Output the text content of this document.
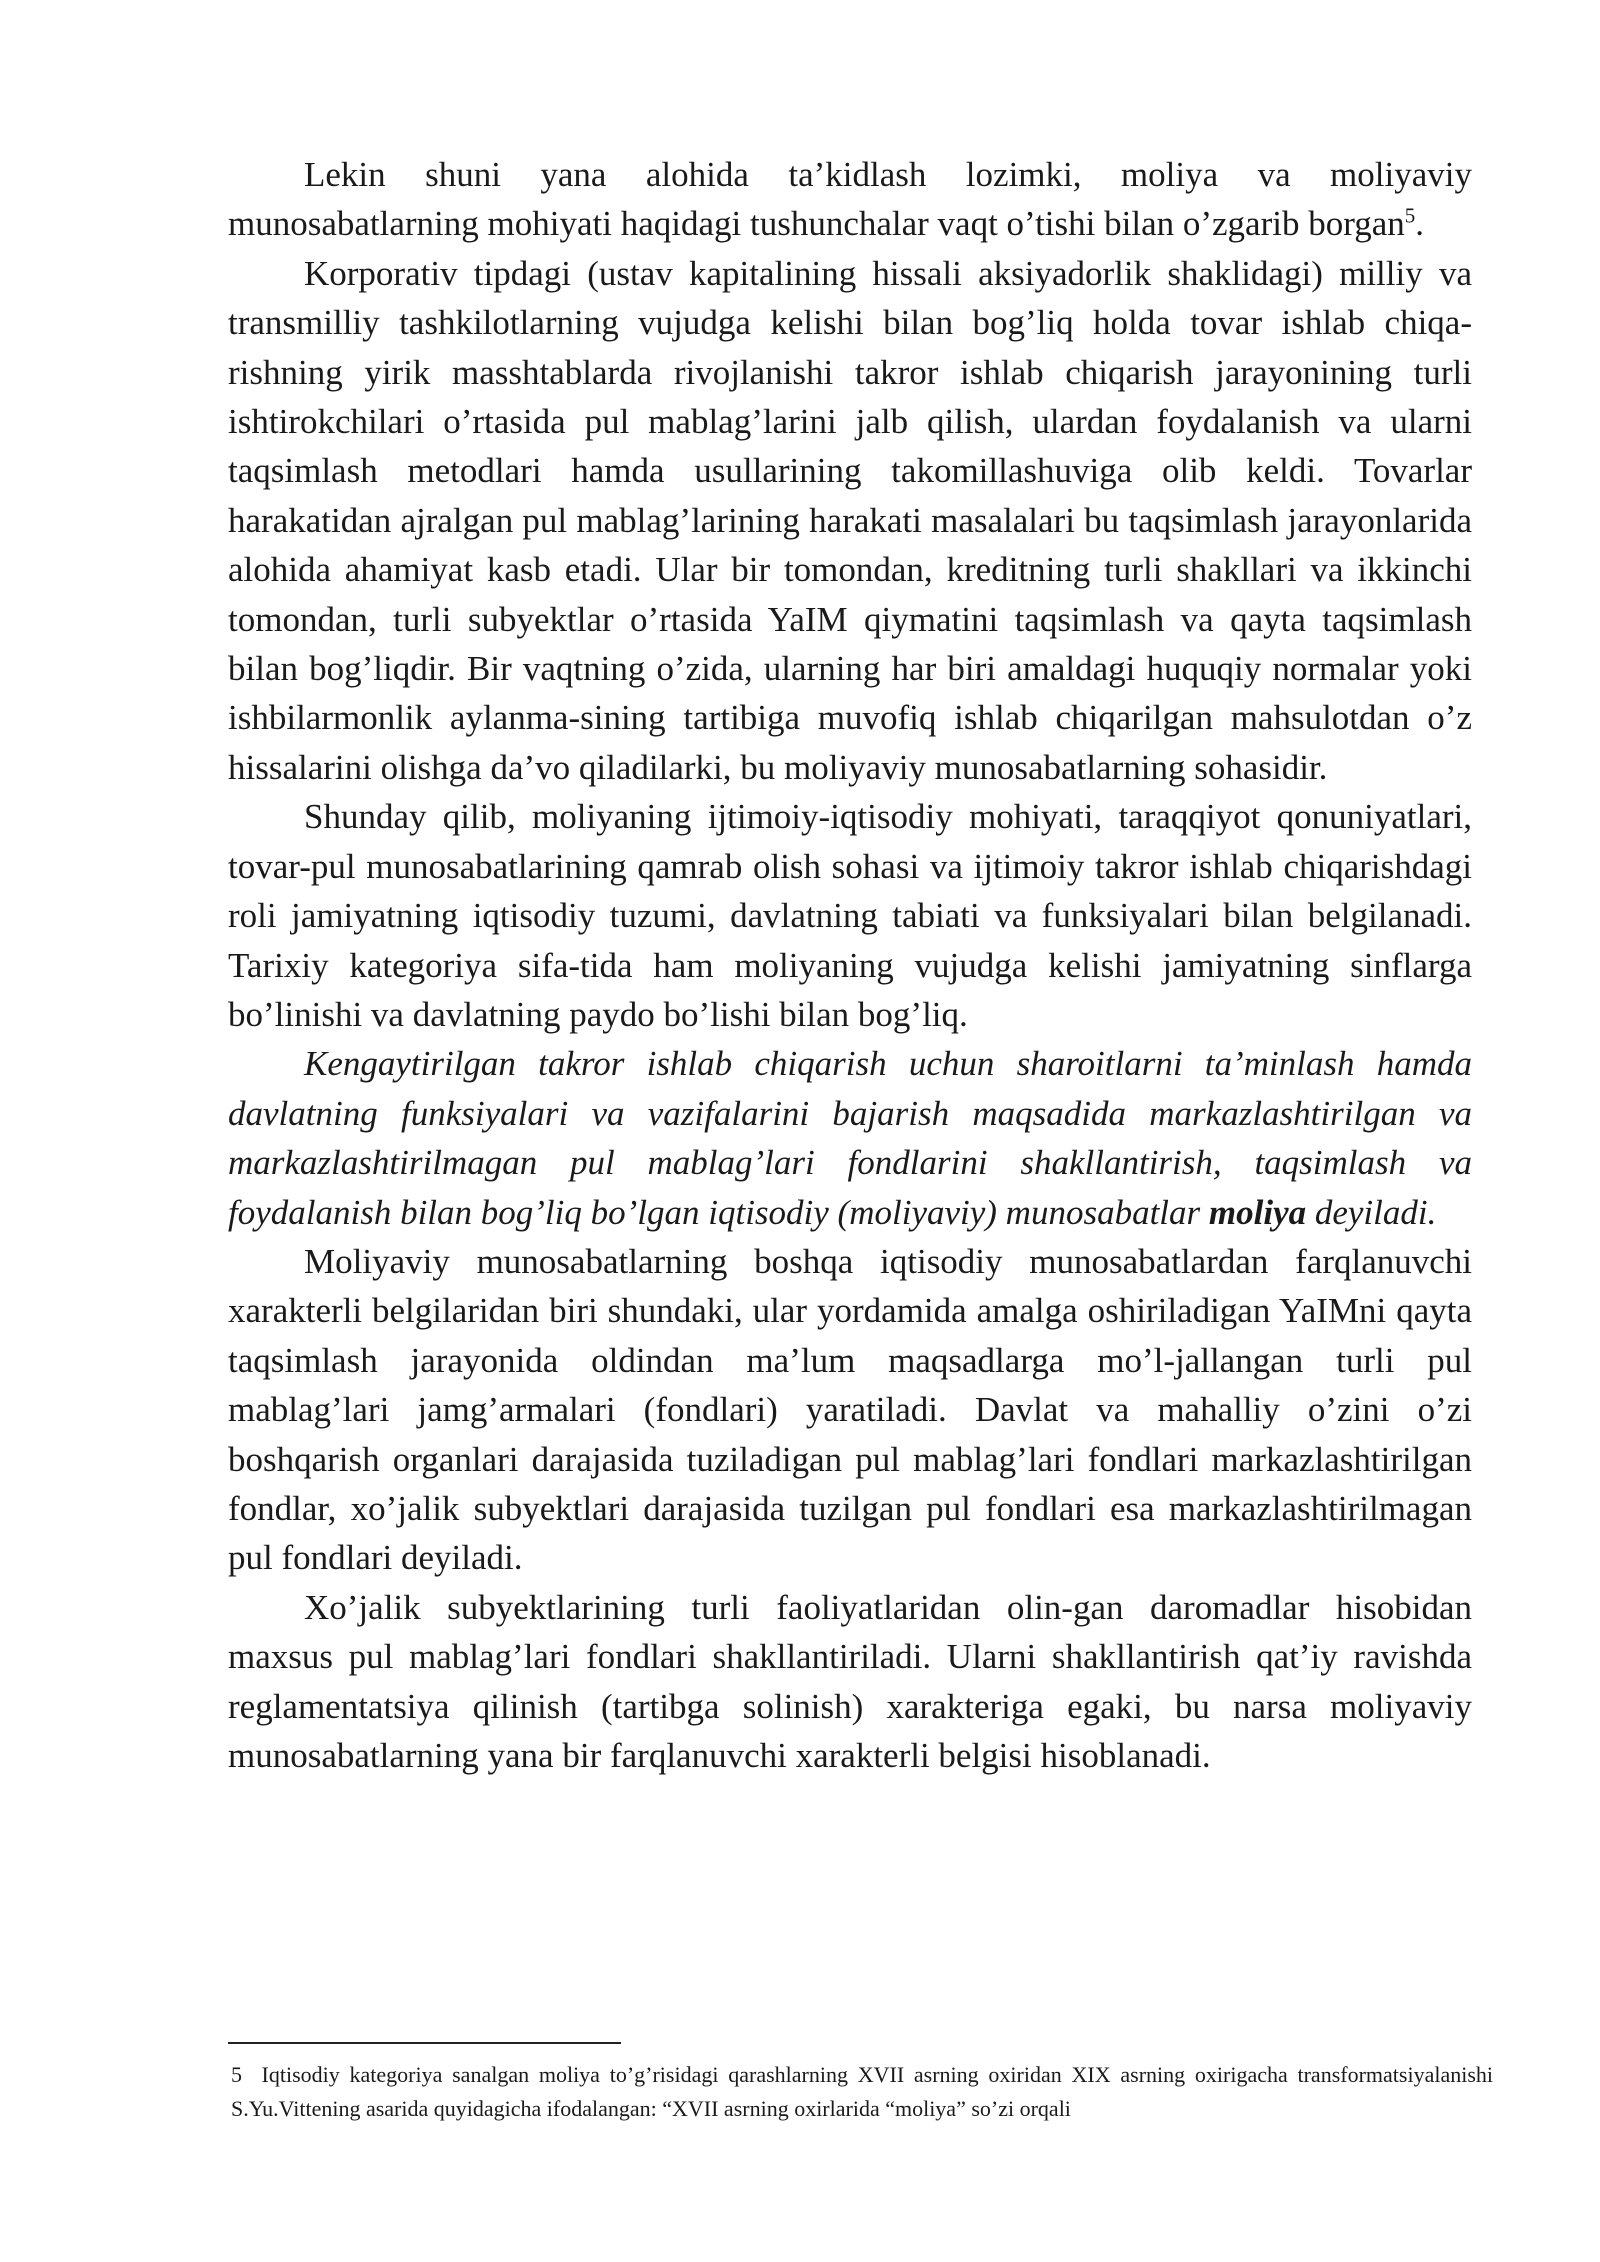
Lekin shuni yana alohida ta’kidlash lozimki, moliya va moliyaviy munosabatlarning mohiyati haqidagi tushunchalar vaqt o’tishi bilan o’zgarib borgan$^5$.

Korporativ tipdagi (ustav kapitalining hissali aksiyadorlik shaklidagi) milliy va transmilliy tashkilotlarning vujudga kelishi bilan bog’liq holda tovar ishlab chiqa-rishning yirik masshtablarda rivojlanishi takror ishlab chiqarish jarayonining turli ishtirokchilari o’rtasida pul mablag’larini jalb qilish, ulardan foydalanish va ularni taqsimlash metodlari hamda usullarining takomillashuviga olib keldi. Tovarlar harakatidan ajralgan pul mablag’larining harakati masalalari bu taqsimlash jarayonlarida alohida ahamiyat kasb etadi. Ular bir tomondan, kreditning turli shakllari va ikkinchi tomondan, turli subyektlar o’rtasida YaIM qiymatini taqsimlash va qayta taqsimlash bilan bog’liqdir. Bir vaqtning o’zida, ularning har biri amaldagi huquqiy normalar yoki ishbilarmonlik aylanma-sining tartibiga muvofiq ishlab chiqarilgan mahsulotdan o’z hissalarini olishga da’vo qiladilarki, bu moliyaviy munosabatlarning sohasidir.

Shunday qilib, moliyaning ijtimoiy-iqtisodiy mohiyati, taraqqiyot qonuniyatlari, tovar-pul munosabatlarining qamrab olish sohasi va ijtimoiy takror ishlab chiqarishdagi roli jamiyatning iqtisodiy tuzumi, davlatning tabiati va funksiyalari bilan belgilanadi. Tarixiy kategoriya sifa-tida ham moliyaning vujudga kelishi jamiyatning sinflarga bo’linishi va davlatning paydo bo’lishi bilan bog’liq.

Kengaytirilgan takror ishlab chiqarish uchun sharoitlarni ta’minlash hamda davlatning funksiyalari va vazifalarini bajarish maqsadida markazlashtirilgan va markazlashtirilmagan pul mablag’lari fondlarini shakllantirish, taqsimlash va foydalanish bilan bog’liq bo’lgan iqtisodiy (moliyaviy) munosabatlar moliya deyiladi.

Moliyaviy munosabatlarning boshqa iqtisodiy munosabatlardan farqlanuvchi xarakterli belgilaridan biri shundaki, ular yordamida amalga oshiriladigan YaIMni qayta taqsimlash jarayonida oldindan ma’lum maqsadlarga mo’l-jallangan turli pul mablag’lari jamg’armalari (fondlari) yaratiladi. Davlat va mahalliy o’zini o’zi boshqarish organlari darajasida tuziladigan pul mablag’lari fondlari markazlashtirilgan fondlar, xo’jalik subyektlari darajasida tuzilgan pul fondlari esa markazlashtirilmagan pul fondlari deyiladi.

Xo’jalik subyektlarining turli faoliyatlaridan olin-gan daromadlar hisobidan maxsus pul mablag’lari fondlari shakllantiriladi. Ularni shakllantirish qat’iy ravishda reglamentatsiya qilinish (tartibga solinish) xarakteriga egaki, bu narsa moliyaviy munosabatlarning yana bir farqlanuvchi xarakterli belgisi hisoblanadi.

5 Iqtisodiy kategoriya sanalgan moliya to’g’risidagi qarashlarning XVII asrning oxiridan XIX asrning oxirigacha transformatsiyalanishi S.Yu.Vittening asarida quyidagicha ifodalangan: “XVII asrning oxirlarida “moliya” so’zi orqali
